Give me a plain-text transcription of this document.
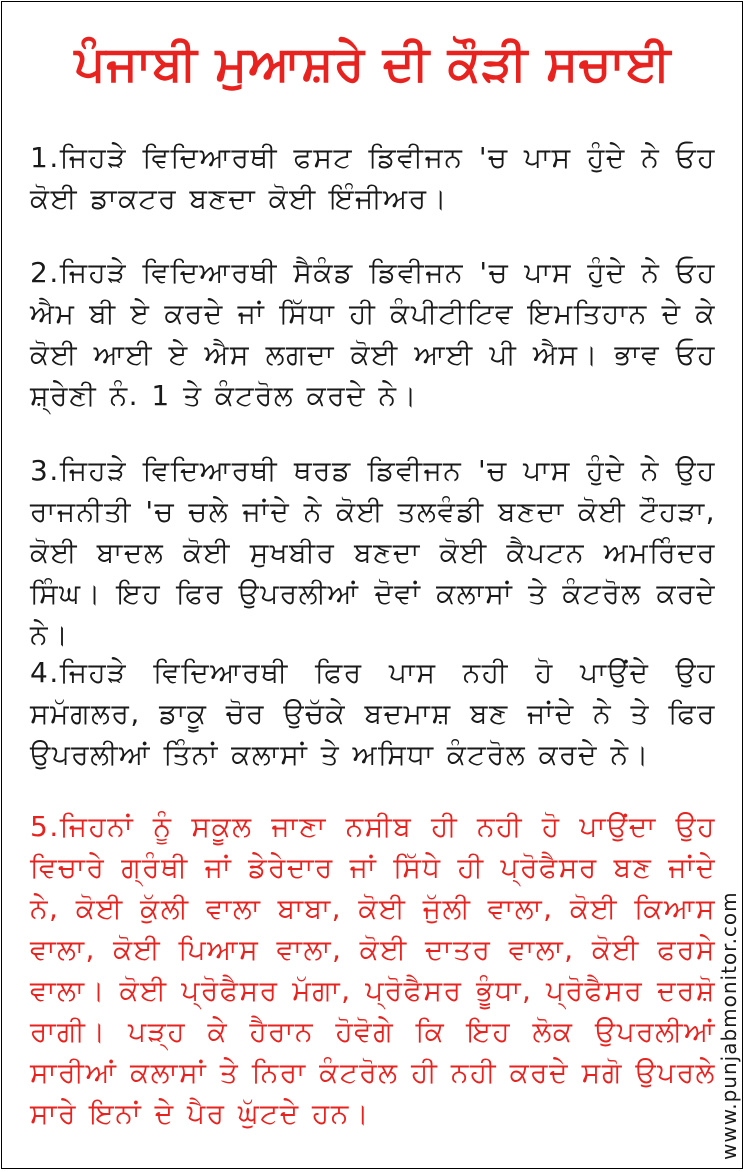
ਪੰਜਾਬੀ ਮੁਆਸ਼ਰੇ ਦੀ ਕੌੜੀ ਸਚਾਈ

1.ਜਿਹੜੇ ਵਿਦਿਆਰਥੀ ਫਸਟ ਡਿਵੀਜਨ 'ਚ ਪਾਸ ਹੁੰਦੇ ਨੇ ਓਹ ਕੋਈ ਡਾਕਟਰ ਬਣਦਾ ਕੋਈ ਇੰਜੀਅਰ।

2.ਜਿਹੜੇ ਵਿਦਿਆਰਥੀ ਸੈਕੰਡ ਡਿਵੀਜਨ 'ਚ ਪਾਸ ਹੁੰਦੇ ਨੇ ਓਹ ਐਮ ਬੀ ਏ ਕਰਦੇ ਜਾਂ ਸਿੱਧਾ ਹੀ ਕੰਪੀਟੀਟਿਵ ਇਮਤਿਹਾਨ ਦੇ ਕੇ ਕੋਈ ਆਈ ਏ ਐਸ ਲਗਦਾ ਕੋਈ ਆਈ ਪੀ ਐਸ। ਭਾਵ ਓਹ ਸ਼੍ਰੇਣੀ ਨੰ. 1 ਤੇ ਕੰਟਰੋਲ ਕਰਦੇ ਨੇ।

3.ਜਿਹੜੇ ਵਿਦਿਆਰਥੀ ਥਰਡ ਡਿਵੀਜਨ 'ਚ ਪਾਸ ਹੁੰਦੇ ਨੇ ਉਹ ਰਾਜਨੀਤੀ 'ਚ ਚਲੇ ਜਾਂਦੇ ਨੇ ਕੋਈ ਤਲਵੰਡੀ ਬਣਦਾ ਕੋਈ ਟੌਹੜਾ, ਕੋਈ ਬਾਦਲ ਕੋਈ ਸੁਖਬੀਰ ਬਣਦਾ ਕੋਈ ਕੈਪਟਨ ਅਮਰਿੰਦਰ ਸਿੰਘ। ਇਹ ਫਿਰ ਉਪਰਲੀਆਂ ਦੋਵਾਂ ਕਲਾਸਾਂ ਤੇ ਕੰਟਰੋਲ ਕਰਦੇ ਨੇ।

4.ਜਿਹੜੇ ਵਿਦਿਆਰਥੀ ਫਿਰ ਪਾਸ ਨਹੀ ਹੋ ਪਾਉਂਦੇ ਉਹ ਸਮੱਗਲਰ, ਡਾਕੂ ਚੋਰ ਉਚੱਕੇ ਬਦਮਾਸ਼ ਬਣ ਜਾਂਦੇ ਨੇ ਤੇ ਫਿਰ ਉਪਰਲੀਆਂ ਤਿੰਨਾਂ ਕਲਾਸਾਂ ਤੇ ਅਸਿਧਾ ਕੰਟਰੋਲ ਕਰਦੇ ਨੇ।

5.ਜਿਹਨਾਂ ਨੂੰ ਸਕੂਲ ਜਾਣਾ ਨਸੀਬ ਹੀ ਨਹੀ ਹੋ ਪਾਉਂਦਾ ਉਹ ਵਿਚਾਰੇ ਗ੍ਰੰਥੀ ਜਾਂ ਡੇਰੇਦਾਰ ਜਾਂ ਸਿੱਧੇ ਹੀ ਪ੍ਰੋਫੈਸਰ ਬਣ ਜਾਂਦੇ ਨੇ, ਕੋਈ ਕੁੱਲੀ ਵਾਲਾ ਬਾਬਾ, ਕੋਈ ਜੁੱਲੀ ਵਾਲਾ, ਕੋਈ ਕਿਆਸ ਵਾਲਾ, ਕੋਈ ਪਿਆਸ ਵਾਲਾ, ਕੋਈ ਦਾਤਰ ਵਾਲਾ, ਕੋਈ ਫਰਸੇ ਵਾਲਾ। ਕੋਈ ਪ੍ਰੋਫੈਸਰ ਮੱਗਾ, ਪ੍ਰੋਫੈਸਰ ਭੂੰਧਾ, ਪ੍ਰੋਫੈਸਰ ਦਰਸ਼ੋ ਰਾਗੀ। ਪੜ੍ਹ ਕੇ ਹੈਰਾਨ ਹੋਵੋਗੇ ਕਿ ਇਹ ਲੋਕ ਉਪਰਲੀਆਂ ਸਾਰੀਆਂ ਕਲਾਸਾਂ ਤੇ ਨਿਰਾ ਕੰਟਰੋਲ ਹੀ ਨਹੀ ਕਰਦੇ ਸਗੋ ਉਪਰਲੇ ਸਾਰੇ ਇਨਾਂ ਦੇ ਪੈਰ ਘੁੱਟਦੇ ਹਨ।	www.punjabmonitor.com
